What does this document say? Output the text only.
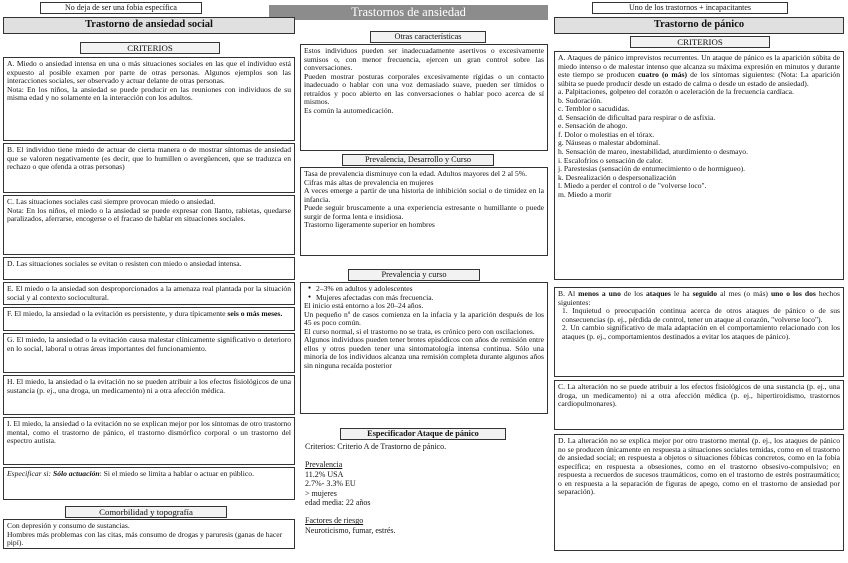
No deja de ser una fobia específica	Trastornos de ansiedad	Uno de los trastornos + incapacitantes
Trastorno de ansiedad social	Trastorno de pánico
CRITERIOS
CRITERIOS

A. Miedo o ansiedad intensa en una o más situaciones sociales en las que el individuo está expuesto al posible examen por parte de otras personas. Algunos ejemplos son las interacciones sociales, ser observado y actuar delante de otras personas.

Nota: En los niños, la ansiedad se puede producir en las reuniones con individuos de su misma edad y no solamente en la interacción con los adultos.

B. El individuo tiene miedo de actuar de cierta manera o de mostrar síntomas de ansiedad que se valoren negativamente (es decir, que lo humillen o avergüencen, que se traduzca en rechazo o que ofenda a otras personas)

C. Las situaciones sociales casi siempre provocan miedo o ansiedad.

Nota: En los niños, el miedo o la ansiedad se puede expresar con llanto, rabietas, quedarse paralizados, aferrarse, encogerse o el fracaso de hablar en situaciones sociales.

D. Las situaciones sociales se evitan o resisten con miedo o ansiedad intensa.

E. El miedo o la ansiedad son desproporcionados a la amenaza real plantada por la situación social y al contexto sociocultural.

F. El miedo, la ansiedad o la evitación es persistente, y dura típicamente seis o más meses.

G. El miedo, la ansiedad o la evitación causa malestar clínicamente significativo o deterioro en lo social, laboral u otras áreas importantes del funcionamiento.

H. El miedo, la ansiedad o la evitación no se pueden atribuir a los efectos fisiológicos de una sustancia (p. ej., una droga, un medicamento) ni a otra afección médica.

I. El miedo, la ansiedad o la evitación no se explican mejor por los síntomas de otro trastorno mental, como el trastorno de pánico, el trastorno dismórfico corporal o un trastorno del espectro autista.

Especificar si: Sólo actuación: Si el miedo se limita a hablar o actuar en público.

Comorbilidad y topografía

Con depresión y consumo de sustancias.

Hombres más problemas con las citas, más consumo de drogas y paruresis (ganas de hacer pipí).

Otras características

Estos individuos pueden ser inadecuadamente asertivos o excesivamente sumisos o, con menor frecuencia, ejercen un gran control sobre las conversaciones.

Pueden mostrar posturas corporales excesivamente rígidas o un contacto inadecuado o hablar con una voz demasiado suave, pueden ser tímidos o retraídos y poco abierto en las conversaciones o hablar poco acerca de sí mismos.

Es común la automedicación.

Prevalencia, Desarrollo y Curso

Tasa de prevalencia disminuye con la edad. Adultos mayores del 2 al 5%.

Cifras más altas de prevalencia en mujeres

A veces emerge a partir de una historia de inhibición social o de timidez en la infancia.

Puede seguir bruscamente a una experiencia estresante o humillante o puede surgir de forma lenta e insidiosa.

Trastorno ligeramente superior en hombres

Prevalencia y curso
● 2–3% en adultos y adolescentes
● Mujeres afectadas con más frecuencia.

El inicio está entorno a los 20–24 años.

Un pequeño nº de casos comienza en la infacia y la aparición después de los 45 es poco común.

El curso normal, si el trastorno no se trata, es crónico pero con oscilaciones.

Algunos individuos pueden tener brotes episódicos con años de remisión entre ellos y otros pueden tener una sintomatología intensa continua. Sólo una minoría de los individuos alcanza una remisión completa durante algunos años sin ninguna recaída posterior

Especificador Ataque de pánico

Criterios: Criterio A de Trastorno de pánico.

Prevalencia

11.2% USA

2.7%- 3.3% EU

> mujeres

edad media: 22 años

Factores de riesgo

Neuroticismo, fumar, estrés.

A. Ataques de pánico imprevistos recurrentes. Un ataque de pánico es la aparición súbita de miedo intenso o de malestar intenso que alcanza su máxima expresión en minutos y durante este tiempo se producen cuatro (o más) de los síntomas siguientes: (Nota: La aparición súbita se puede producir desde un estado de calma o desde un estado de ansiedad).

a. Palpitaciones, golpeteo del corazón o aceleración de la frecuencia cardíaca.

b. Sudoración.

c. Temblor o sacudidas.

d. Sensación de dificultad para respirar o de asfixia.

e. Sensación de ahogo.

f. Dolor o molestias en el tórax.

g. Náuseas o malestar abdominal.

h. Sensación de mareo, inestabilidad, aturdimiento o desmayo.

i. Escalofríos o sensación de calor.

j. Parestesias (sensación de entumecimiento o de hormigueo).

k. Desrealización o despersonalización

l. Miedo a perder el control o de "volverse loco".

m. Miedo a morir

B. Al menos a uno de los ataques le ha seguido al mes (o más) uno o los dos hechos siguientes:

1. Inquietud o preocupación continua acerca de otros ataques de pánico o de sus consecuencias (p. ej., pérdida de control, tener un ataque al corazón, "volverse loco").

2. Un cambio significativo de mala adaptación en el comportamiento relacionado con los ataques (p. ej., comportamientos destinados a evitar los ataques de pánico).

C. La alteración no se puede atribuir a los efectos fisiológicos de una sustancia (p. ej., una droga, un medicamento) ni a otra afección médica (p. ej., hipertiroidismo, trastornos cardiopulmonares).

D. La alteración no se explica mejor por otro trastorno mental (p. ej., los ataques de pánico no se producen únicamente en respuesta a situaciones sociales temidas, como en el trastorno de ansiedad social; en respuesta a objetos o situaciones fóbicas concretos, como en la fobia específica; en respuesta a obsesiones, como en el trastorno obsesivo-compulsivo; en respuesta a recuerdos de sucesos traumáticos, como en el trastorno de estrés postraumático; o en respuesta a la separación de figuras de apego, como en el trastorno de ansiedad por separación).
